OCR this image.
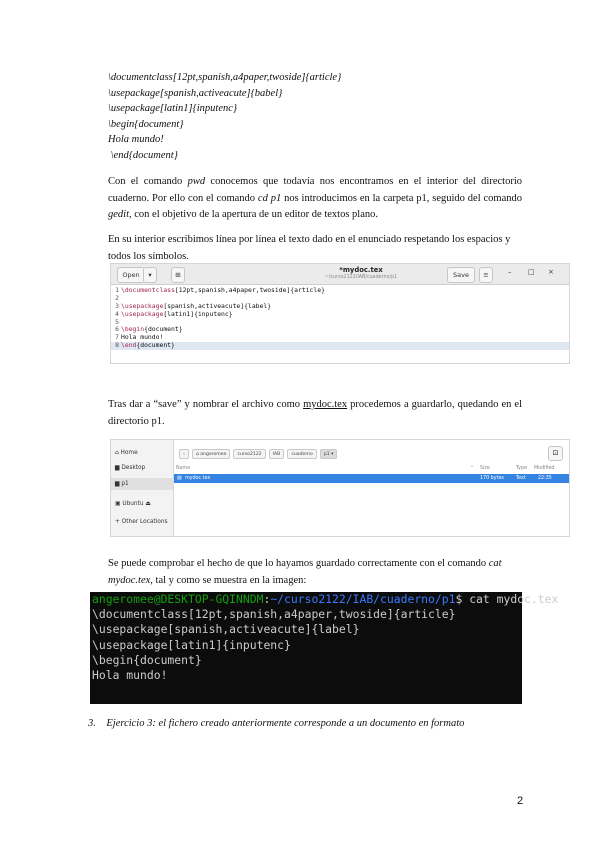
\documentclass[12pt,spanish,a4paper,twoside]{article}
\usepackage[spanish,activeacute]{babel}
\usepackage[latin1]{inputenc}
\begin{document}
Hola mundo!
\end{document}
Con el comando pwd conocemos que todavía nos encontramos en el interior del directorio cuaderno. Por ello con el comando cd p1 nos introducimos en la carpeta p1, seguido del comando gedit, con el objetivo de la apertura de un editor de textos plano.
En su interior escribimos línea por línea el texto dado en el enunciado respetando los espacios y todos los símbolos.
Open	▾	⊞
*mydoc.tex
~/curso2122/IAB/cuaderno/p1	Save	≡	– □ ×
1 \documentclass[12pt,spanish,a4paper,twoside]{article}
2
3 \usepackage[spanish,activeacute]{label}
4 \usepackage[latin1]{inputenc}
5
6 \begin{document}
7 Hola mundo!
8 \end{document}
Tras dar a “save” y nombrar el archivo como mydoc.tex procedemos a guardarlo, quedando en el directorio p1.
⌂ Home
▆ Desktop
▆ p1
▣ Ubuntu ⏏
+ Other Locations
‹	⌂ angeromee	curso2122	IAB	cuaderno	p1 ▾	⊡
Name	⌃ Size	Type Modified
▤ mydoc.tex	170 bytes	Text	22:35
Se puede comprobar el hecho de que lo hayamos guardado correctamente con el comando cat mydoc.tex, tal y como se muestra en la imagen:
angeromee@DESKTOP-GQINNDM:~/curso2122/IAB/cuaderno/p1$ cat mydoc.tex
\documentclass[12pt,spanish,a4paper,twoside]{article}
\usepackage[spanish,activeacute]{label}
\usepackage[latin1]{inputenc}
\begin{document}
Hola mundo!
3.    Ejercicio 3: el fichero creado anteriormente corresponde a un documento en formato
2
